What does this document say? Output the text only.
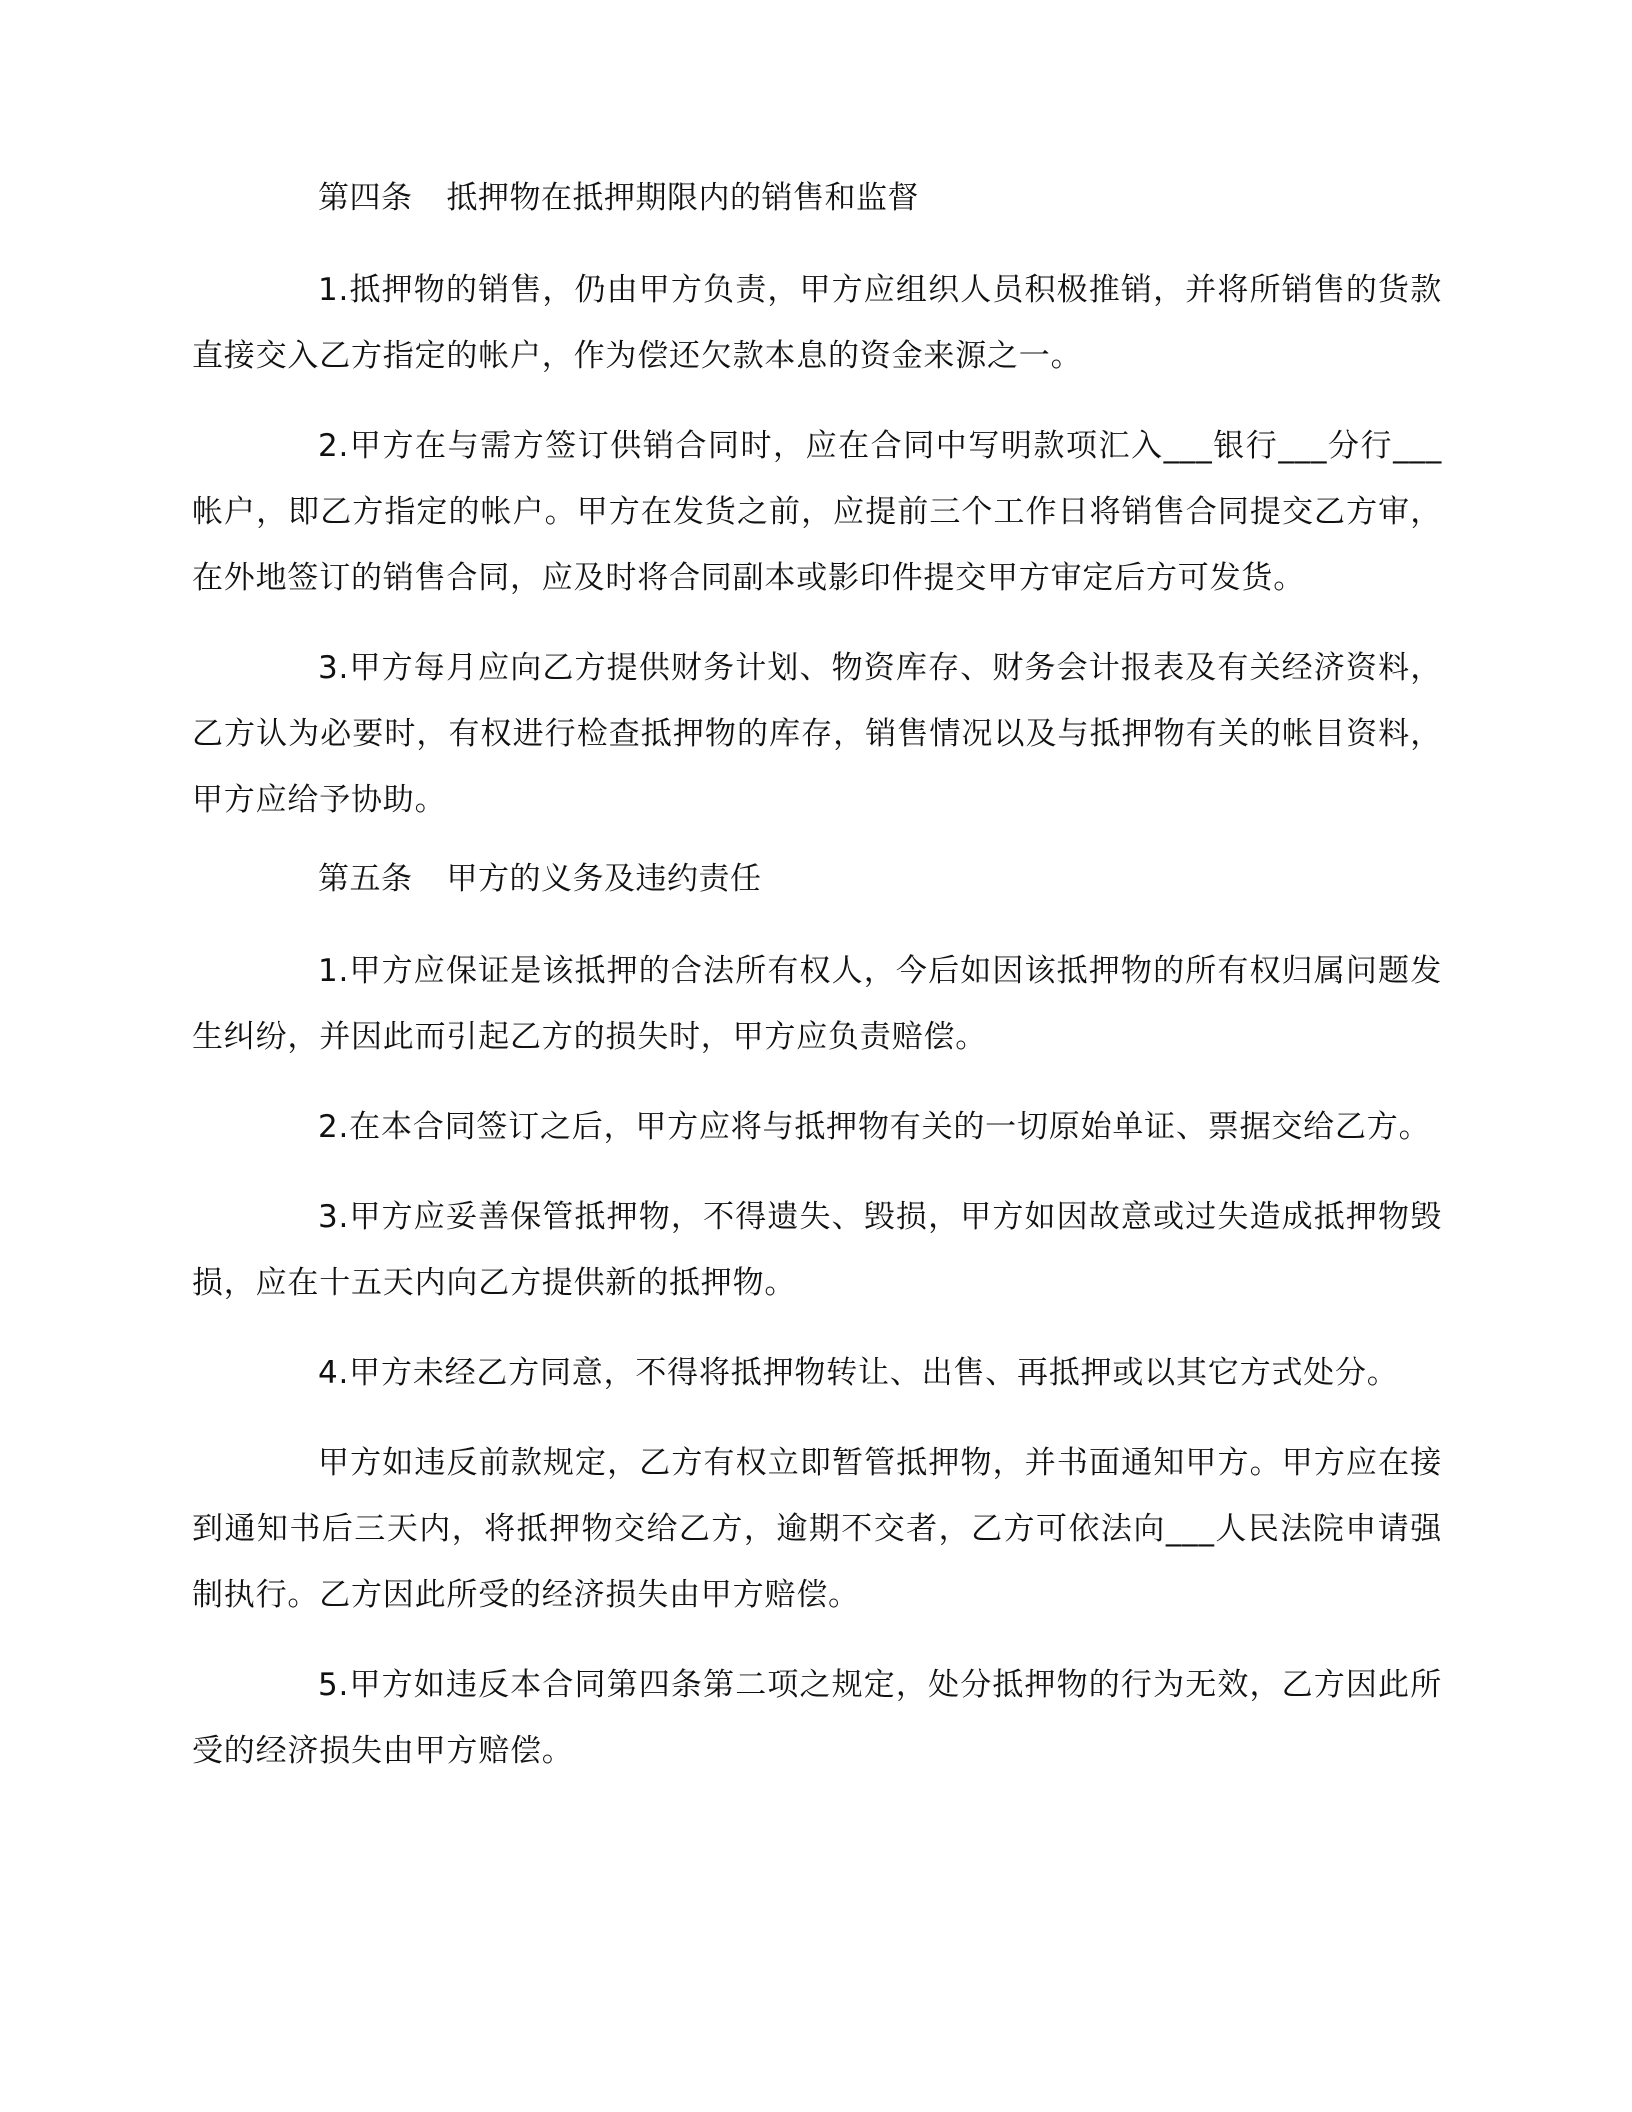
第四条 抵押物在抵押期限内的销售和监督

1.抵押物的销售，仍由甲方负责，甲方应组织人员积极推销，并将所销售的货款直接交入乙方指定的帐户，作为偿还欠款本息的资金来源之一。

2.甲方在与需方签订供销合同时，应在合同中写明款项汇入___银行___分行___帐户，即乙方指定的帐户。甲方在发货之前，应提前三个工作日将销售合同提交乙方审，在外地签订的销售合同，应及时将合同副本或影印件提交甲方审定后方可发货。

3.甲方每月应向乙方提供财务计划、物资库存、财务会计报表及有关经济资料，乙方认为必要时，有权进行检查抵押物的库存，销售情况以及与抵押物有关的帐目资料，甲方应给予协助。

第五条 甲方的义务及违约责任

1.甲方应保证是该抵押的合法所有权人，今后如因该抵押物的所有权归属问题发生纠纷，并因此而引起乙方的损失时，甲方应负责赔偿。

2.在本合同签订之后，甲方应将与抵押物有关的一切原始单证、票据交给乙方。

3.甲方应妥善保管抵押物，不得遗失、毁损，甲方如因故意或过失造成抵押物毁损，应在十五天内向乙方提供新的抵押物。

4.甲方未经乙方同意，不得将抵押物转让、出售、再抵押或以其它方式处分。

甲方如违反前款规定，乙方有权立即暂管抵押物，并书面通知甲方。甲方应在接到通知书后三天内，将抵押物交给乙方，逾期不交者，乙方可依法向___人民法院申请强制执行。乙方因此所受的经济损失由甲方赔偿。

5.甲方如违反本合同第四条第二项之规定，处分抵押物的行为无效，乙方因此所受的经济损失由甲方赔偿。
